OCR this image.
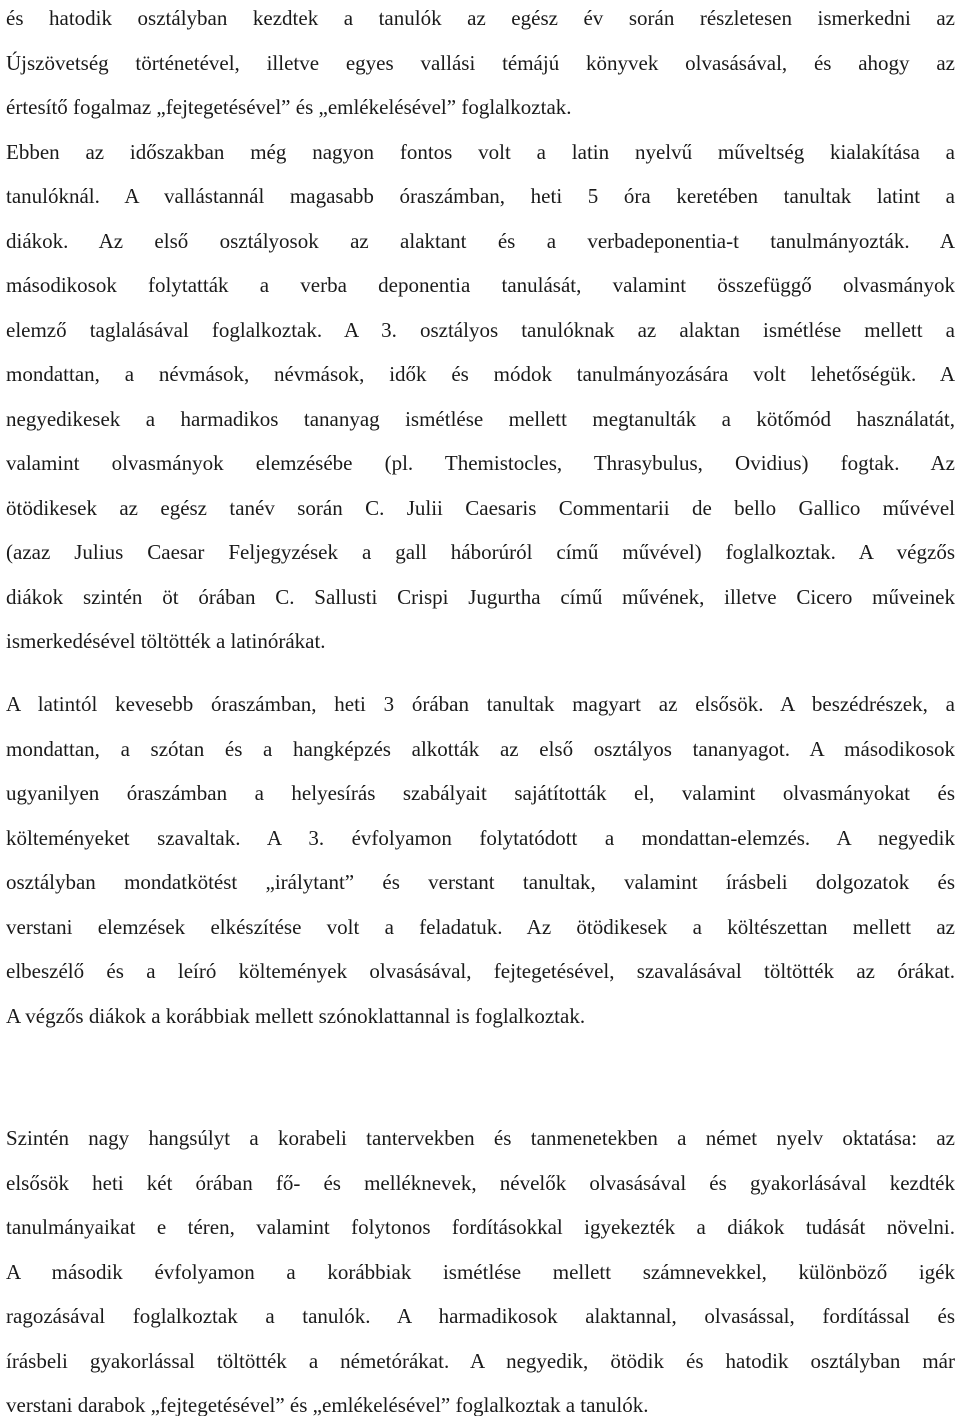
és hatodik osztályban kezdtek a tanulók az egész év során részletesen ismerkedni az
Újszövetség történetével, illetve egyes vallási témájú könyvek olvasásával, és ahogy az
értesítő fogalmaz „fejtegetésével” és „emlékelésével” foglalkoztak.
Ebben az időszakban még nagyon fontos volt a latin nyelvű műveltség kialakítása a
tanulóknál. A vallástannál magasabb óraszámban, heti 5 óra keretében tanultak latint a
diákok. Az első osztályosok az alaktant és a verbadeponentia-t tanulmányozták. A
másodikosok folytatták a verba deponentia tanulását, valamint összefüggő olvasmányok
elemző taglalásával foglalkoztak. A 3. osztályos tanulóknak az alaktan ismétlése mellett a
mondattan, a névmások, névmások, idők és módok tanulmányozására volt lehetőségük. A
negyedikesek a harmadikos tananyag ismétlése mellett megtanulták a kötőmód használatát,
valamint olvasmányok elemzésébe (pl. Themistocles, Thrasybulus, Ovidius) fogtak. Az
ötödikesek az egész tanév során C. Julii Caesaris Commentarii de bello Gallico művével
(azaz Julius Caesar Feljegyzések a gall háborúról című művével) foglalkoztak. A végzős
diákok szintén öt órában C. Sallusti Crispi Jugurtha című művének, illetve Cicero műveinek
ismerkedésével töltötték a latinórákat.
A latintól kevesebb óraszámban, heti 3 órában tanultak magyart az elsősök. A beszédrészek, a
mondattan, a szótan és a hangképzés alkották az első osztályos tananyagot. A másodikosok
ugyanilyen óraszámban a helyesírás szabályait sajátították el, valamint olvasmányokat és
költeményeket szavaltak. A 3. évfolyamon folytatódott a mondattan-elemzés. A negyedik
osztályban mondatkötést „irálytant” és verstant tanultak, valamint írásbeli dolgozatok és
verstani elemzések elkészítése volt a feladatuk. Az ötödikesek a költészettan mellett az
elbeszélő és a leíró költemények olvasásával, fejtegetésével, szavalásával töltötték az órákat.
A végzős diákok a korábbiak mellett szónoklattannal is foglalkoztak.
Szintén nagy hangsúlyt a korabeli tantervekben és tanmenetekben a német nyelv oktatása: az
elsősök heti két órában fő- és melléknevek, névelők olvasásával és gyakorlásával kezdték
tanulmányaikat e téren, valamint folytonos fordításokkal igyekezték a diákok tudását növelni.
A második évfolyamon a korábbiak ismétlése mellett számnevekkel, különböző igék
ragozásával foglalkoztak a tanulók. A harmadikosok alaktannal, olvasással, fordítással és
írásbeli gyakorlással töltötték a németórákat. A negyedik, ötödik és hatodik osztályban már
verstani darabok „fejtegetésével” és „emlékelésével” foglalkoztak a tanulók.
